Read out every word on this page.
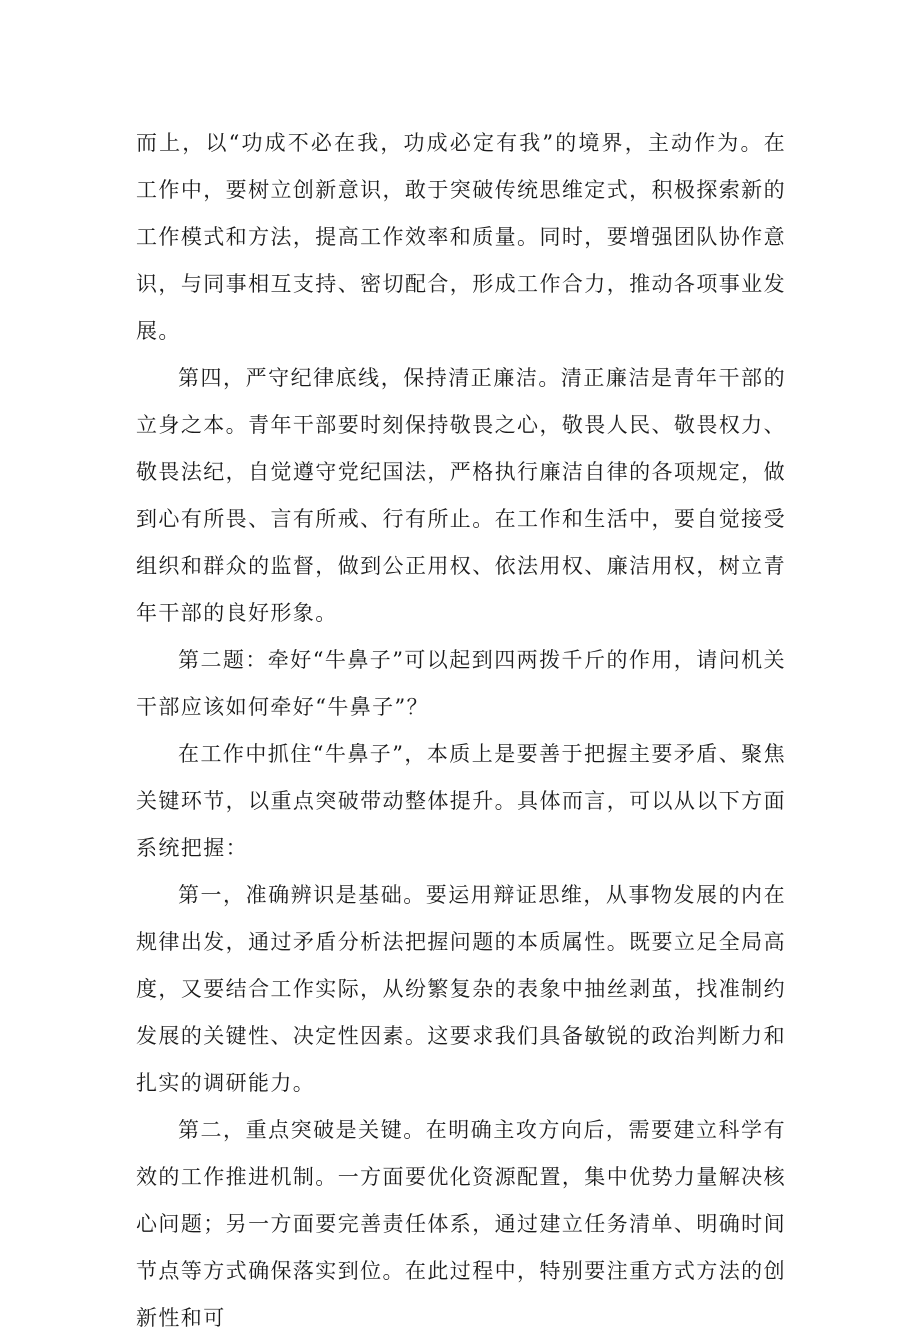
而上，以“功成不必在我，功成必定有我”的境界，主动作为。在工作中，要树立创新意识，敢于突破传统思维定式，积极探索新的工作模式和方法，提高工作效率和质量。同时，要增强团队协作意识，与同事相互支持、密切配合，形成工作合力，推动各项事业发展。

第四，严守纪律底线，保持清正廉洁。清正廉洁是青年干部的立身之本。青年干部要时刻保持敬畏之心，敬畏人民、敬畏权力、敬畏法纪，自觉遵守党纪国法，严格执行廉洁自律的各项规定，做到心有所畏、言有所戒、行有所止。在工作和生活中，要自觉接受组织和群众的监督，做到公正用权、依法用权、廉洁用权，树立青年干部的良好形象。

第二题：牵好“牛鼻子”可以起到四两拨千斤的作用，请问机关干部应该如何牵好“牛鼻子”？

在工作中抓住“牛鼻子”，本质上是要善于把握主要矛盾、聚焦关键环节，以重点突破带动整体提升。具体而言，可以从以下方面系统把握：

第一，准确辨识是基础。要运用辩证思维，从事物发展的内在规律出发，通过矛盾分析法把握问题的本质属性。既要立足全局高度，又要结合工作实际，从纷繁复杂的表象中抽丝剥茧，找准制约发展的关键性、决定性因素。这要求我们具备敏锐的政治判断力和扎实的调研能力。

第二，重点突破是关键。在明确主攻方向后，需要建立科学有效的工作推进机制。一方面要优化资源配置，集中优势力量解决核心问题；另一方面要完善责任体系，通过建立任务清单、明确时间节点等方式确保落实到位。在此过程中，特别要注重方式方法的创新性和可
